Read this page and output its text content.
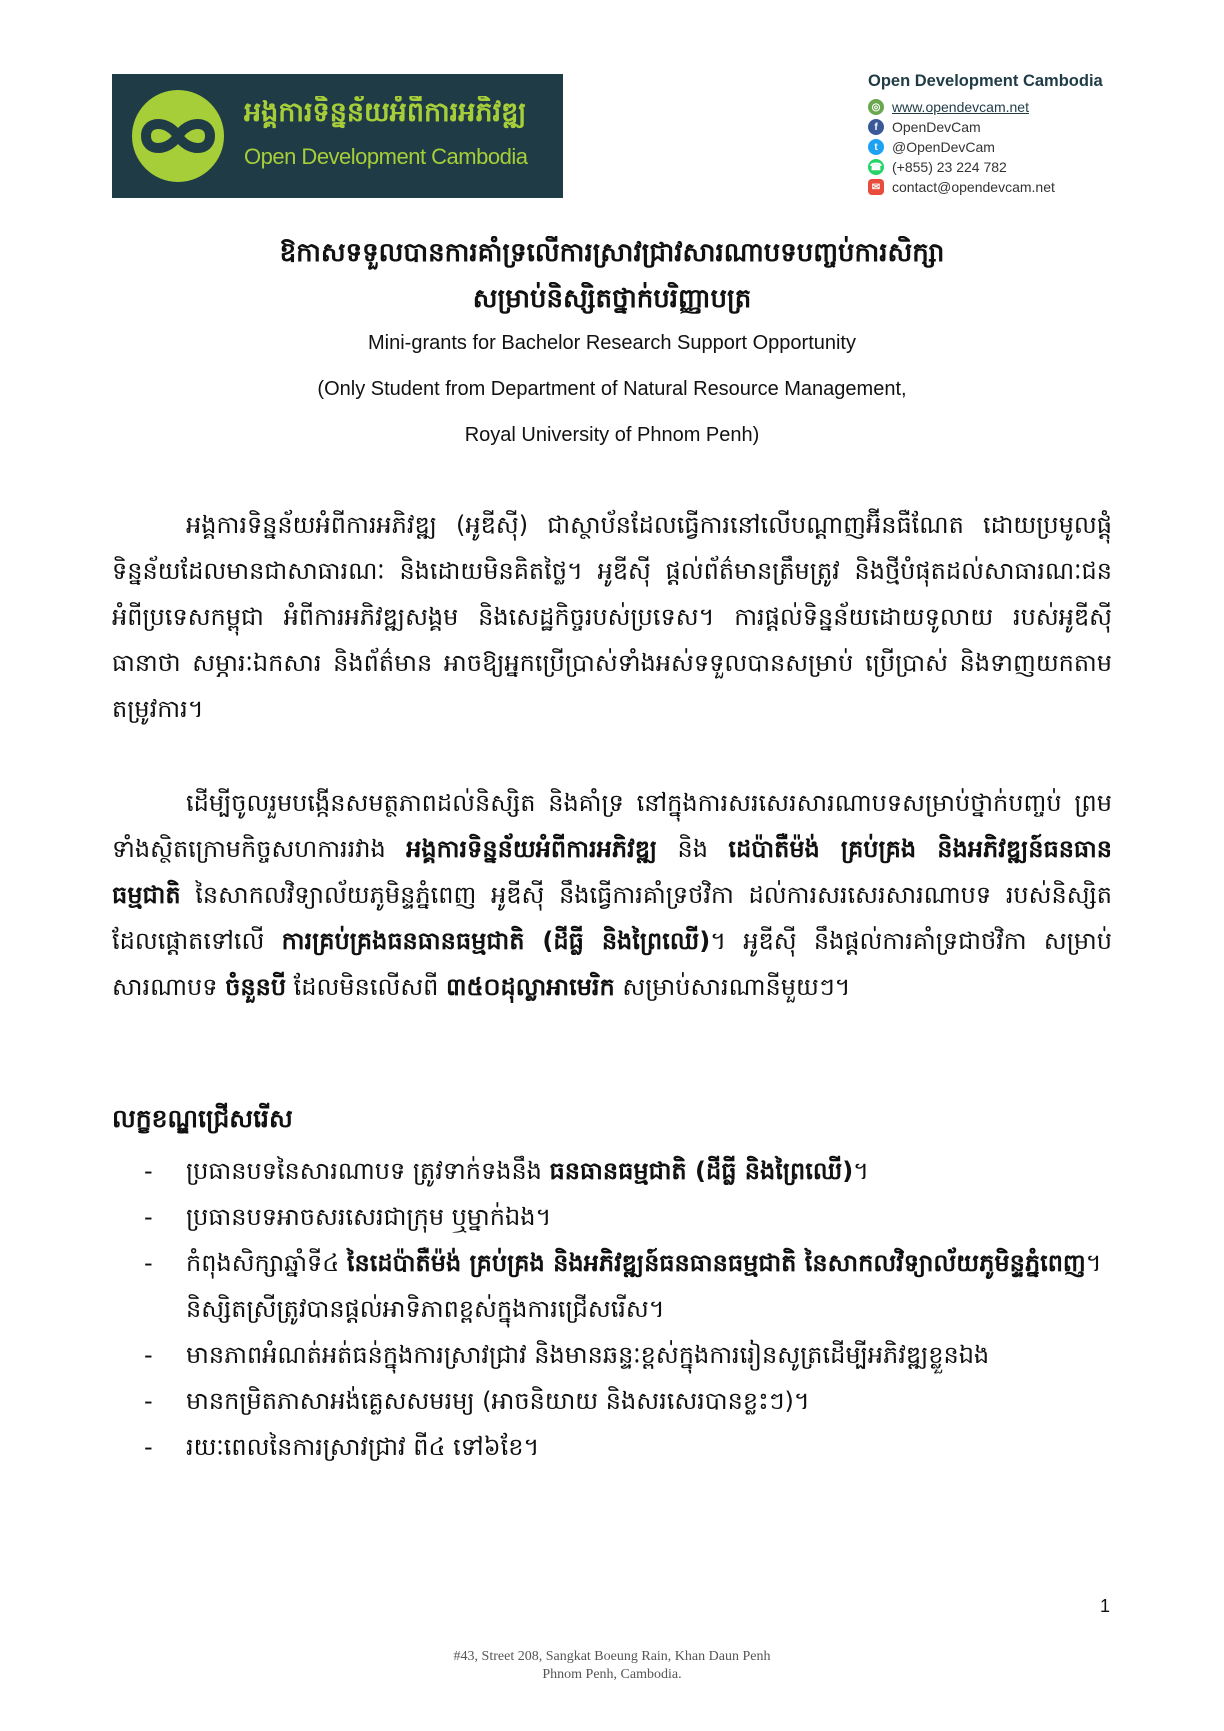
អង្គការទិន្នន័យអំពីការអភិវឌ្ឍ
Open Development Cambodia
Open Development Cambodia
◎ www.opendevcam.net
f	OpenDevCam
t	@OpenDevCam
☎ (+855) 23 224 782
✉ contact@opendevcam.net
ឱកាសទទួលបានការគាំទ្រលើការស្រាវជ្រាវសារណាបទបញ្ចប់ការសិក្សា
សម្រាប់និស្សិតថ្នាក់បរិញ្ញាបត្រ
Mini-grants for Bachelor Research Support Opportunity
(Only Student from Department of Natural Resource Management,
Royal University of Phnom Penh)
អង្គការទិន្នន័យអំពីការអភិវឌ្ឍ (អូឌីស៊ី) ជាស្ថាប័នដែលធ្វើការនៅលើបណ្តាញអ៊ីនធឺណែត ដោយប្រមូលផ្តុំទិន្នន័យដែលមានជាសាធារណៈ និងដោយមិនគិតថ្លៃ។ អូឌីស៊ី ផ្តល់ព័ត៌មានត្រឹមត្រូវ និងថ្មីបំផុតដល់សាធារណៈជនអំពីប្រទេសកម្ពុជា អំពីការអភិវឌ្ឍសង្គម និងសេដ្ឋកិច្ចរបស់ប្រទេស។ ការផ្តល់ទិន្នន័យដោយទូលាយ របស់អូឌីស៊ី ធានាថា សម្ភារៈឯកសារ និងព័ត៌មាន អាចឱ្យអ្នកប្រើប្រាស់ទាំងអស់ទទួលបានសម្រាប់ ប្រើប្រាស់ និងទាញយកតាមតម្រូវការ។
ដើម្បីចូលរួមបង្កើនសមត្ថភាពដល់និស្សិត និងគាំទ្រ នៅក្នុងការសរសេរសារណាបទសម្រាប់ថ្នាក់បញ្ចប់ ព្រមទាំងស្ថិតក្រោមកិច្ចសហការរវាង អង្គការទិន្នន័យអំពីការអភិវឌ្ឍ និង ដេប៉ាតឺម៉ង់ គ្រប់គ្រង និងអភិវឌ្ឍន៍ធនធានធម្មជាតិ នៃសាកលវិទ្យាល័យភូមិន្ទភ្នំពេញ អូឌីស៊ី នឹងធ្វើការគាំទ្រថវិកា ដល់ការសរសេរសារណាបទ របស់និស្សិត ដែលផ្តោតទៅលើ ការគ្រប់គ្រងធនធានធម្មជាតិ (ដីធ្លី និងព្រៃឈើ)។ អូឌីស៊ី នឹងផ្តល់ការគាំទ្រជាថវិកា សម្រាប់សារណាបទ ចំនួនបី ដែលមិនលើសពី ៣៥០ដុល្លាអាមេរិក សម្រាប់សារណានីមួយៗ។
លក្ខខណ្ឌជ្រើសរើស
- ប្រធានបទនៃសារណាបទ ត្រូវទាក់ទងនឹង ធនធានធម្មជាតិ (ដីធ្លី និងព្រៃឈើ)។
- ប្រធានបទអាចសរសេរជាក្រុម ឬម្នាក់ឯង។
- កំពុងសិក្សាឆ្នាំទី៤ នៃដេប៉ាតឺម៉ង់ គ្រប់គ្រង និងអភិវឌ្ឍន៍ធនធានធម្មជាតិ នៃសាកលវិទ្យាល័យភូមិន្ទភ្នំពេញ។ និស្សិតស្រីត្រូវបានផ្តល់អាទិភាពខ្ពស់ក្នុងការជ្រើសរើស។
- មានភាពអំណត់អត់ធន់ក្នុងការស្រាវជ្រាវ និងមានឆន្ទៈខ្ពស់ក្នុងការរៀនសូត្រដើម្បីអភិវឌ្ឍខ្លួនឯង
- មានកម្រិតភាសាអង់គ្លេសសមរម្យ (អាចនិយាយ និងសរសេរបានខ្លះៗ)។
- រយៈពេលនៃការស្រាវជ្រាវ ពី៤ ទៅ៦ខែ។
1
#43, Street 208, Sangkat Boeung Rain, Khan Daun Penh
Phnom Penh, Cambodia.
